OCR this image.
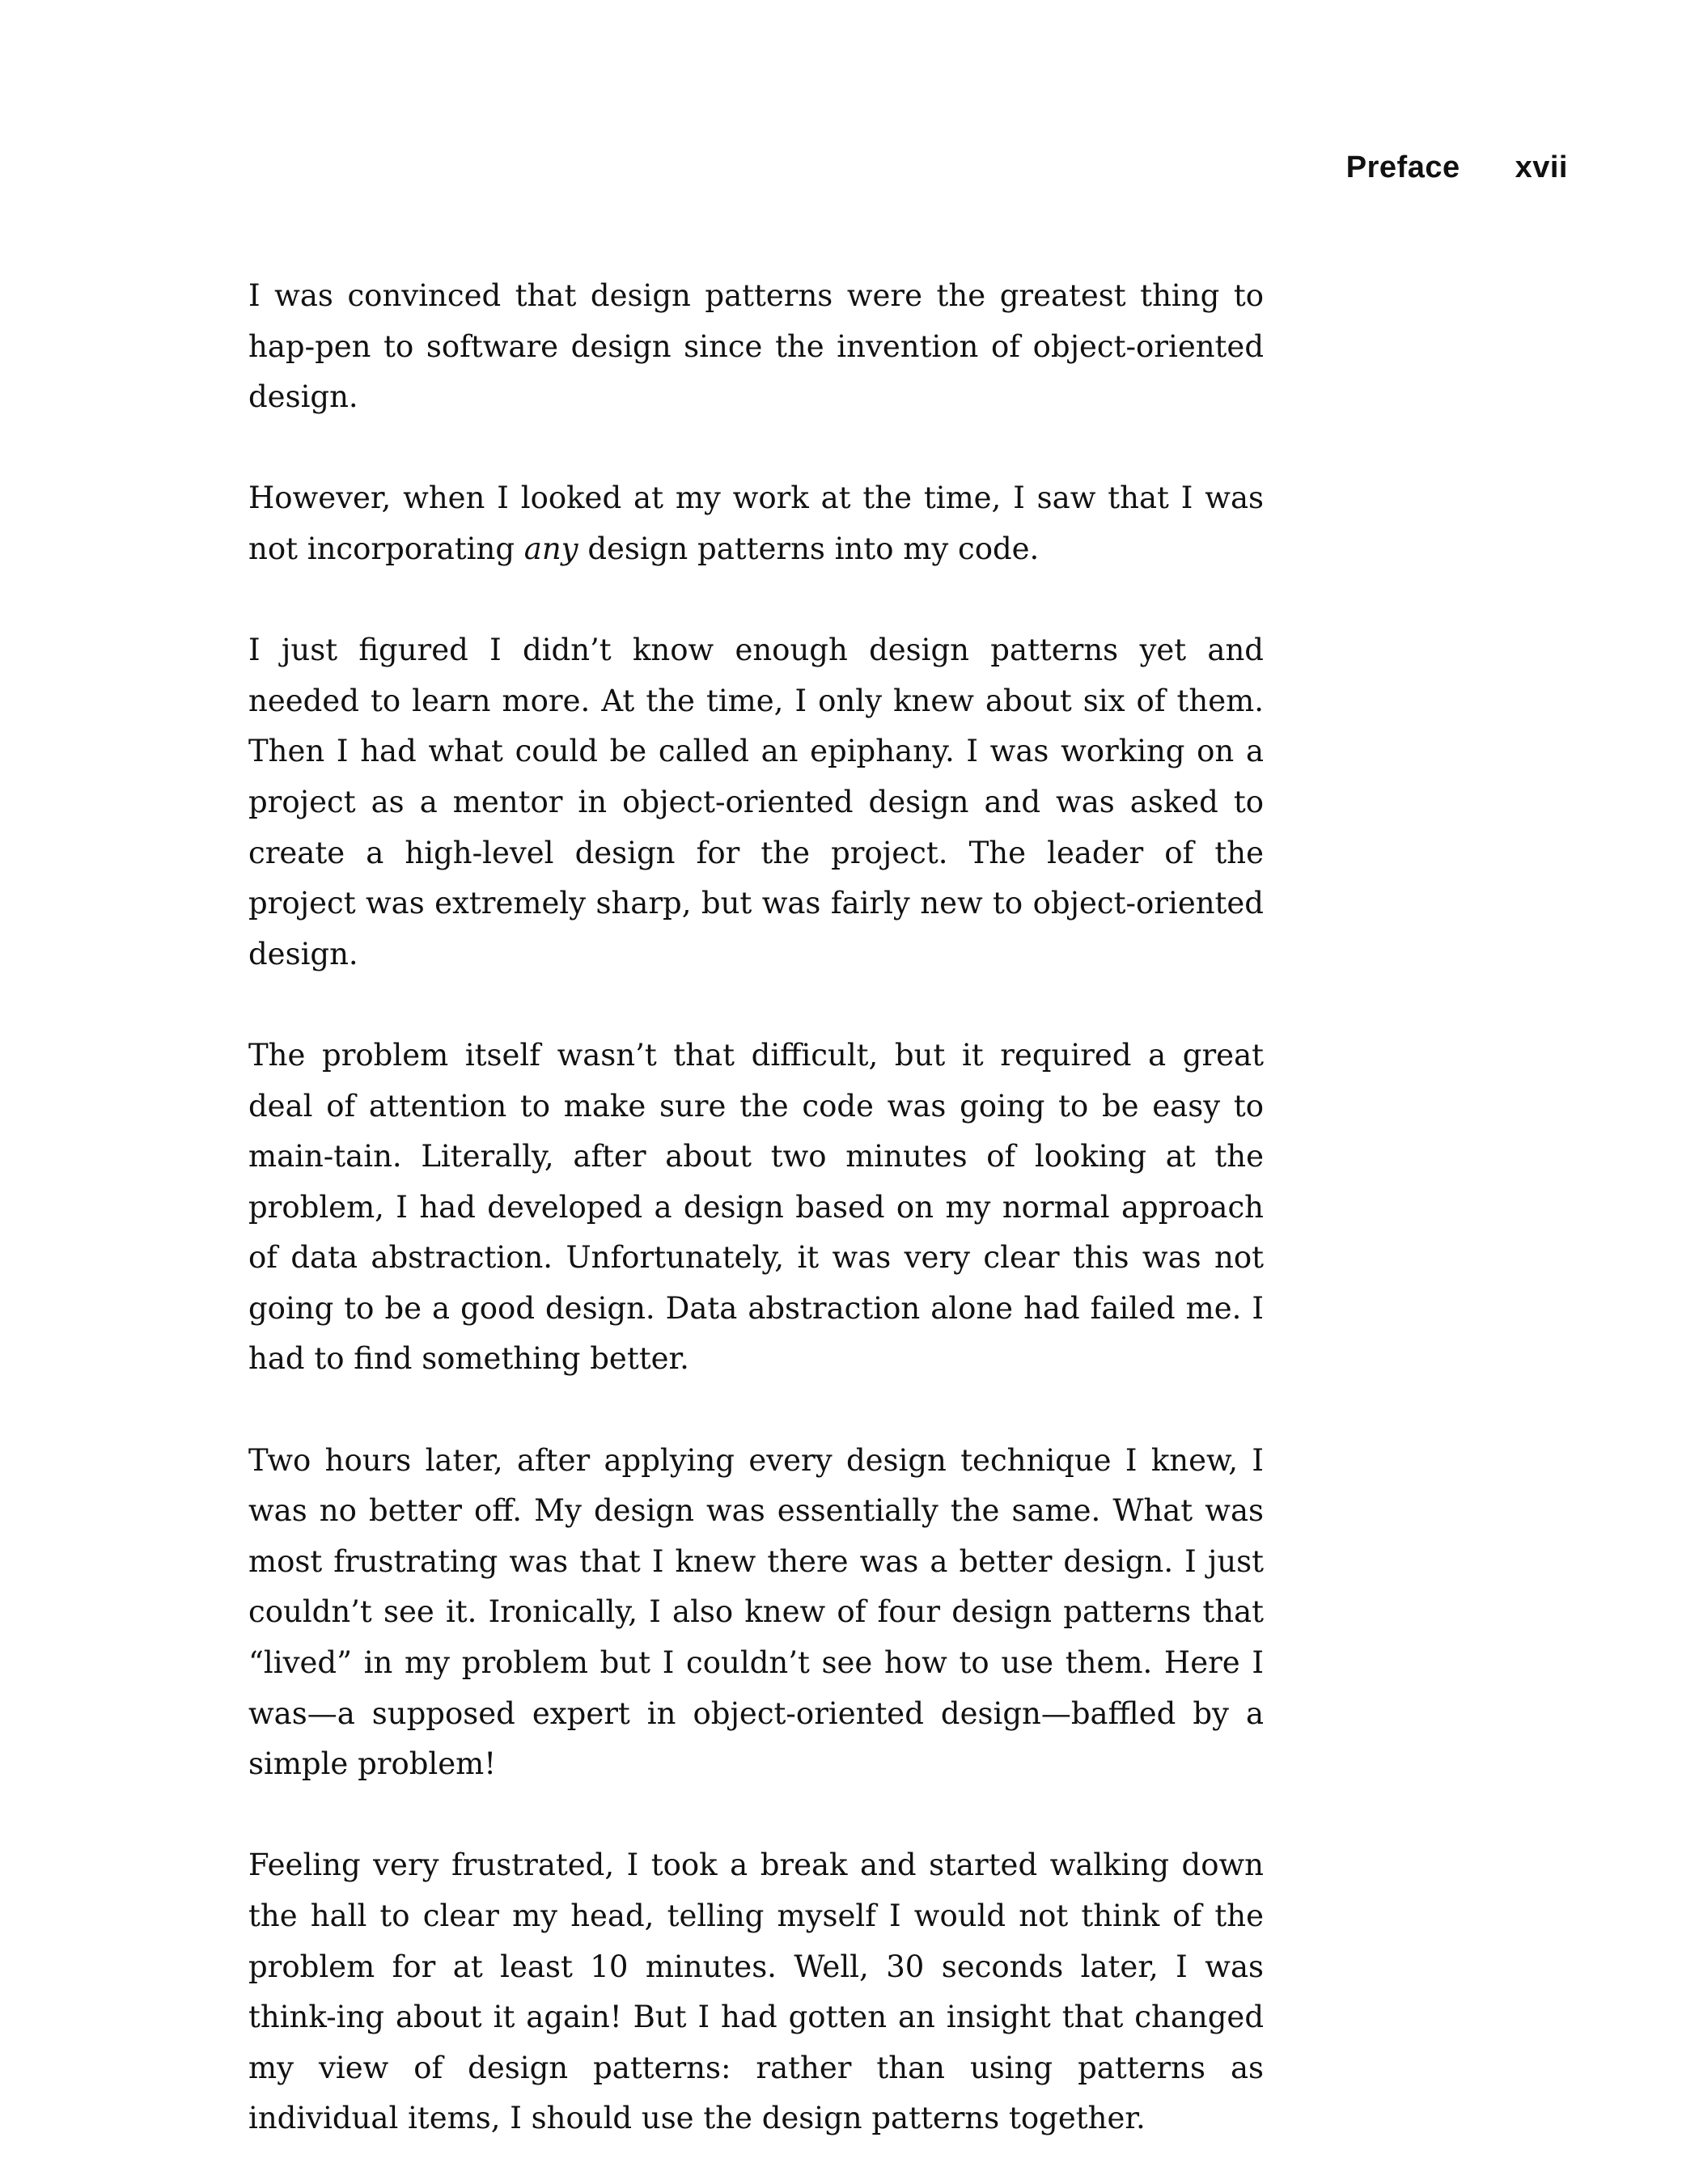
Preface xvii

I was convinced that design patterns were the greatest thing to hap-pen to software design since the invention of object-oriented design.

However, when I looked at my work at the time, I saw that I was not incorporating any design patterns into my code.

I just figured I didn’t know enough design patterns yet and needed to learn more. At the time, I only knew about six of them. Then I had what could be called an epiphany. I was working on a project as a mentor in object-oriented design and was asked to create a high-level design for the project. The leader of the project was extremely sharp, but was fairly new to object-oriented design.

The problem itself wasn’t that difficult, but it required a great deal of attention to make sure the code was going to be easy to main-tain. Literally, after about two minutes of looking at the problem, I had developed a design based on my normal approach of data abstraction. Unfortunately, it was very clear this was not going to be a good design. Data abstraction alone had failed me. I had to find something better.

Two hours later, after applying every design technique I knew, I was no better off. My design was essentially the same. What was most frustrating was that I knew there was a better design. I just couldn’t see it. Ironically, I also knew of four design patterns that “lived” in my problem but I couldn’t see how to use them. Here I was—a supposed expert in object-oriented design—baffled by a simple problem!

Feeling very frustrated, I took a break and started walking down the hall to clear my head, telling myself I would not think of the problem for at least 10 minutes. Well, 30 seconds later, I was think-ing about it again! But I had gotten an insight that changed my view of design patterns: rather than using patterns as individual items, I should use the design patterns together.
